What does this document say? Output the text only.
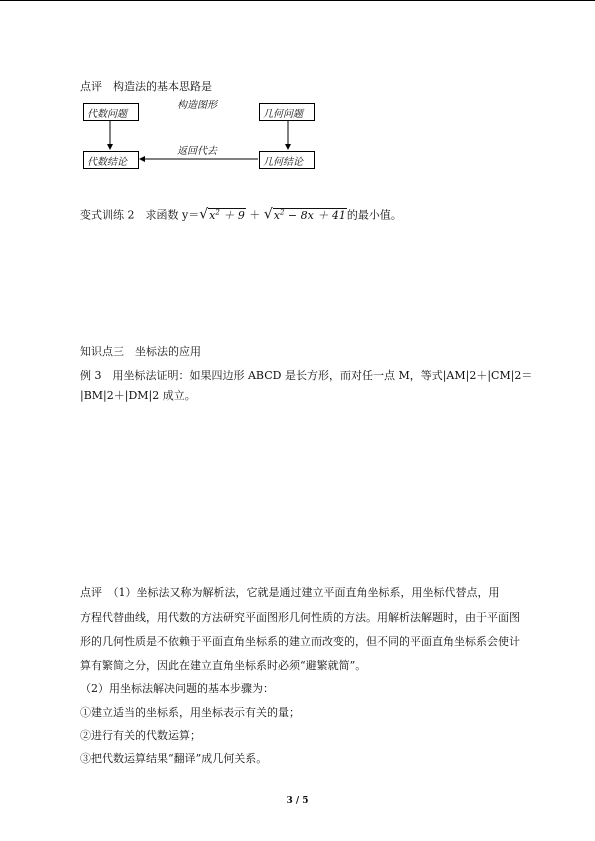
点评　 构造法的基本思路是
代数问题	几何问题
代数结论	几何结论
构造图形
返回代去
变式训练 2　 求函数 $y=√x^2 + 9 + √x^2 - 8x + 41$的最小值。
知识点三　坐标法的应用
例 3　用坐标法证明：如果四边形 ABCD 是长方形，而对任一点 M，等式|AM|2＋|CM|2＝
|BM|2＋|DM|2 成立。
点评　（1）坐标法又称为解析法，它就是通过建立平面直角坐标系，用坐标代替点，用
方程代替曲线，用代数的方法研究平面图形几何性质的方法。用解析法解题时，由于平面图
形的几何性质是不依赖于平面直角坐标系的建立而改变的，但不同的平面直角坐标系会使计
算有繁简之分，因此在建立直角坐标系时必须“避繁就简”。
（2）用坐标法解决问题的基本步骤为：
①建立适当的坐标系，用坐标表示有关的量；
②进行有关的代数运算；
③把代数运算结果“翻译”成几何关系。
3 / 5
